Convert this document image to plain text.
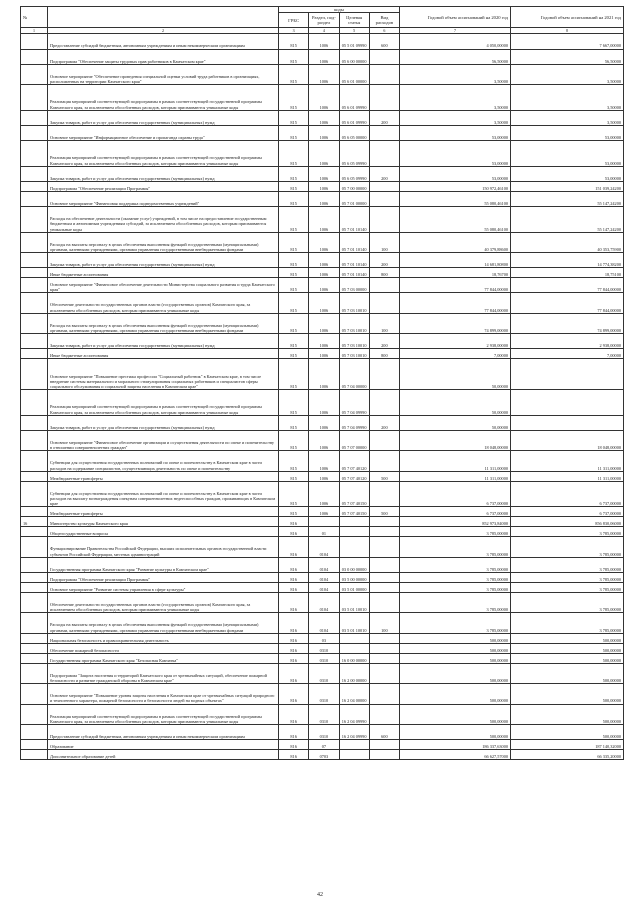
№		коды				Годовой объем ассигнований на 2020 год	Годовой объем ассигнований на 2021 год
		ГРБС	Раздел, под-раздел	Целевая статья	Вид расходов		
1	2	3	4	5	6	7	8
	Предоставление субсидий бюджетным, автономным учреждениям и иным некоммерческим организациям	815	1006	05 5 01 09990	600	4 050,00000	7 667,00000
	Подпрограмма "Обеспечение защиты трудовых прав работников в Камчатском крае"	815	1006	05 6 00 00000		56,50000	56,50000
	Основное мероприятие "Обеспечение проведения специальной оценки условий труда работников в организациях, расположенных на территории Камчатского края"	815	1006	05 6 01 00000		3,50000	3,50000
	Реализация мероприятий соответствующей подпрограммы в рамках соответствующей государственной программы Камчатского края, за исключением обособленных расходов, которым присваиваются уникальные коды	815	1006	05 6 01 09990		3,50000	3,50000
	Закупка товаров, работ и услуг для обеспечения государственных (муниципальных) нужд	815	1006	05 6 01 09990	200	3,50000	3,50000
	Основное мероприятие "Информационное обеспечение и пропаганда охраны труда"	815	1006	05 6 05 00000		53,00000	53,00000
	Реализация мероприятий соответствующей подпрограммы в рамках соответствующей государственной программы Камчатского края, за исключением обособленных расходов, которым присваиваются уникальные коды	815	1006	05 6 05 09990		53,00000	53,00000
	Закупка товаров, работ и услуг для обеспечения государственных (муниципальных) нужд	815	1006	05 6 05 09990	200	53,00000	53,00000
	Подпрограмма "Обеспечение реализации Программы"	815	1006	05 7 00 00000		150 972,46100	151 039,24200
	Основное мероприятие "Финансовая поддержка подведомственных учреждений"	815	1006	05 7 01 00000		55 080,46100	55 147,24200
	Расходы на обеспечение деятельности (оказание услуг) учреждений, в том числе на предоставление государственным бюджетным и автономным учреждениям субсидий, за исключением обособленных расходов, которым присваиваются уникальные коды	815	1006	05 7 01 10140		55 080,46100	55 147,24200
	Расходы на выплаты персоналу в целях обеспечения выполнения функций государственными (муниципальными) органами, казенными учреждениями, органами управления государственными внебюджетными фондами	815	1006	05 7 01 10140	100	40 379,88600	40 353,75900
	Закупка товаров, работ и услуг для обеспечения государственных (муниципальных) нужд	815	1006	05 7 01 10140	200	14 681,80800	14 774,38200
	Иные бюджетные ассигнования	815	1006	05 7 01 10140	800	18,76700	18,75100
	Основное мероприятие "Финансовое обеспечение деятельности Министерства социального развития и труда Камчатского края"	815	1006	05 7 03 00000		77 844,00000	77 844,00000
	Обеспечение деятельности государственных органов власти (государственных органов) Камчатского края, за исключением обособленных расходов, которым присваиваются уникальные коды	815	1006	05 7 03 10010		77 844,00000	77 844,00000
	Расходы на выплаты персоналу в целях обеспечения выполнения функций государственными (муниципальными) органами, казенными учреждениями, органами управления государственными внебюджетными фондами	815	1006	05 7 03 10010	100	74 899,00000	74 899,00000
	Закупка товаров, работ и услуг для обеспечения государственных (муниципальных) нужд	815	1006	05 7 03 10010	200	2 938,00000	2 938,00000
	Иные бюджетные ассигнования	815	1006	05 7 03 10010	800	7,00000	7,00000
	Основное мероприятие "Повышение престижа профессии "Социальный работник" в Камчатском крае, в том числе внедрение системы материального и морального стимулирования социальных работников и специалистов сферы социального обслуживания и социальной защиты населения в Камчатском крае"	815	1006	05 7 04 00000		50,00000	
	Реализация мероприятий соответствующей подпрограммы в рамках соответствующей государственной программы Камчатского края, за исключением обособленных расходов, которым присваиваются уникальные коды	815	1006	05 7 04 09990		50,00000	
	Закупка товаров, работ и услуг для обеспечения государственных (муниципальных) нужд	815	1006	05 7 04 09990	200	50,00000	
	Основное мероприятие "Финансовое обеспечение организации и осуществления деятельности по опеке и попечительству в отношении совершеннолетних граждан"	815	1006	05 7 07 00000		18 048,00000	18 048,00000
	Субвенции для осуществления государственных полномочий по опеке и попечительству в Камчатском крае в части расходов на содержание специалистов, осуществляющих деятельность по опеке и попечительству	815	1006	05 7 07 40120		11 311,00000	11 311,00000
	Межбюджетные трансферты	815	1006	05 7 07 40120	500	11 311,00000	11 311,00000
	Субвенции для осуществления государственных полномочий по опеке и попечительству в Камчатском крае в части расходов на выплату вознаграждения опекунам совершеннолетних недееспособных граждан, проживающих в Камчатском крае	815	1006	05 7 07 40150		6 737,00000	6 737,00000
	Межбюджетные трансферты	815	1006	05 7 07 40150	500	6 737,00000	6 737,00000
16	Министерство культуры Камчатского края	816				852 973,84000	856 830,06000
	Общегосударственные вопросы	816	01			3 785,00000	3 785,00000
	Функционирование Правительства Российской Федерации, высших исполнительных органов государственной власти субъектов Российской Федерации, местных администраций	816	0104			3 785,00000	3 785,00000
	Государственная программа Камчатского края "Развитие культуры в Камчатском крае"	816	0104	03 0 00 00000		3 785,00000	3 785,00000
	Подпрограмма "Обеспечение реализации Программы"	816	0104	03 5 00 00000		3 785,00000	3 785,00000
	Основное мероприятие "Развитие системы управления в сфере культуры"	816	0104	03 5 01 00000		3 785,00000	3 785,00000
	Обеспечение деятельности государственных органов власти (государственных органов) Камчатского края, за исключением обособленных расходов, которым присваиваются уникальные коды	816	0104	03 5 01 10010		3 785,00000	3 785,00000
	Расходы на выплаты персоналу в целях обеспечения выполнения функций государственными (муниципальными) органами, казенными учреждениями, органами управления государственными внебюджетными фондами	816	0104	03 5 01 10010	100	3 785,00000	3 785,00000
	Национальная безопасность и правоохранительная деятельность	816	03			500,00000	500,00000
	Обеспечение пожарной безопасности	816	0310			500,00000	500,00000
	Государственная программа Камчатского края "Безопасная Камчатка"	816	0310	16 0 00 00000		500,00000	500,00000
	Подпрограмма "Защита населения и территорий Камчатского края от чрезвычайных ситуаций, обеспечение пожарной безопасности и развитие гражданской обороны в Камчатском крае"	816	0310	16 2 00 00000		500,00000	500,00000
	Основное мероприятие "Повышение уровня защиты населения в Камчатском крае от чрезвычайных ситуаций природного и техногенного характера, пожарной безопасности и безопасности людей на водных объектах"	816	0310	16 2 04 00000		500,00000	500,00000
	Реализация мероприятий соответствующей подпрограммы в рамках соответствующей государственной программы Камчатского края, за исключением обособленных расходов, которым присваиваются уникальные коды	816	0310	16 2 04 09990		500,00000	500,00000
	Предоставление субсидий бюджетным, автономным учреждениям и иным некоммерческим организациям	816	0310	16 2 04 09990	600	500,00000	500,00000
	Образование	816	07			186 337,63000	187 140,32000
	Дополнительное образование детей	816	0703			66 627,57000	66 335,20000
42
